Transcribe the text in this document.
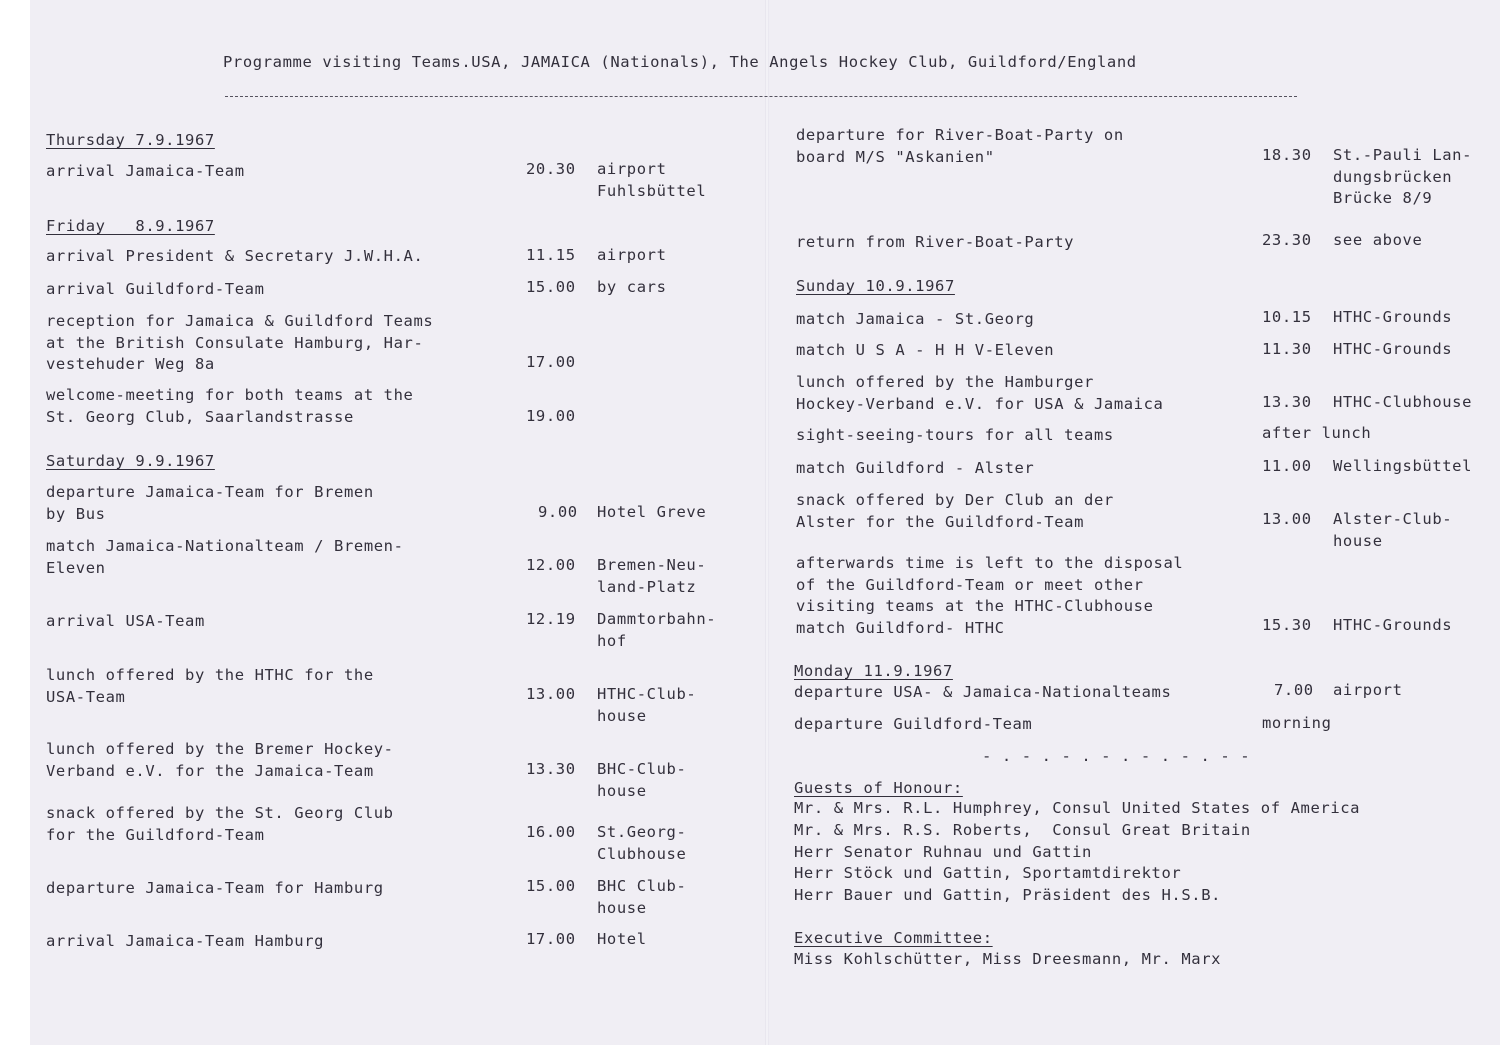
Programme visiting Teams.USA, JAMAICA (Nationals), The Angels Hockey Club, Guildford/England
Thursday 7.9.1967
arrival Jamaica-Team	20.30 airport
Fuhlsbüttel
Friday   8.9.1967
arrival President & Secretary J.W.H.A.	11.15 airport
arrival Guildford-Team	15.00 by cars
reception for Jamaica & Guildford Teams
at the British Consulate Hamburg, Har-
vestehuder Weg 8a	17.00
welcome-meeting for both teams at the
St. Georg Club, Saarlandstrasse	19.00
Saturday 9.9.1967
departure Jamaica-Team for Bremen
by Bus	9.00 Hotel Greve
match Jamaica-Nationalteam / Bremen-
Eleven	12.00 Bremen-Neu-
land-Platz
arrival USA-Team	12.19 Dammtorbahn-
hof
lunch offered by the HTHC for the
USA-Team	13.00 HTHC-Club-
house
lunch offered by the Bremer Hockey-
Verband e.V. for the Jamaica-Team	13.30 BHC-Club-
house
snack offered by the St. Georg Club
for the Guildford-Team	16.00 St.Georg-
Clubhouse
departure Jamaica-Team for Hamburg	15.00 BHC Club-
house
arrival Jamaica-Team Hamburg	17.00 Hotel
departure for River-Boat-Party on
board M/S "Askanien"	18.30 St.-Pauli Lan-
dungsbrücken
Brücke 8/9
return from River-Boat-Party	23.30 see above
Sunday 10.9.1967
match Jamaica - St.Georg	10.15 HTHC-Grounds
match U S A - H H V-Eleven	11.30 HTHC-Grounds
lunch offered by the Hamburger
Hockey-Verband e.V. for USA & Jamaica	13.30 HTHC-Clubhouse
sight-seeing-tours for all teams	after lunch
match Guildford - Alster	11.00 Wellingsbüttel
snack offered by Der Club an der
Alster for the Guildford-Team	13.00 Alster-Club-
house
afterwards time is left to the disposal
of the Guildford-Team or meet other
visiting teams at the HTHC-Clubhouse
match Guildford- HTHC	15.30 HTHC-Grounds
Monday 11.9.1967
departure USA- & Jamaica-Nationalteams	7.00 airport
departure Guildford-Team	morning
- . - . - . - . - . - . - -
Guests of Honour:
Mr. & Mrs. R.L. Humphrey, Consul United States of America
Mr. & Mrs. R.S. Roberts,  Consul Great Britain
Herr Senator Ruhnau und Gattin
Herr Stöck und Gattin, Sportamtdirektor
Herr Bauer und Gattin, Präsident des H.S.B.
Executive Committee:
Miss Kohlschütter, Miss Dreesmann, Mr. Marx
